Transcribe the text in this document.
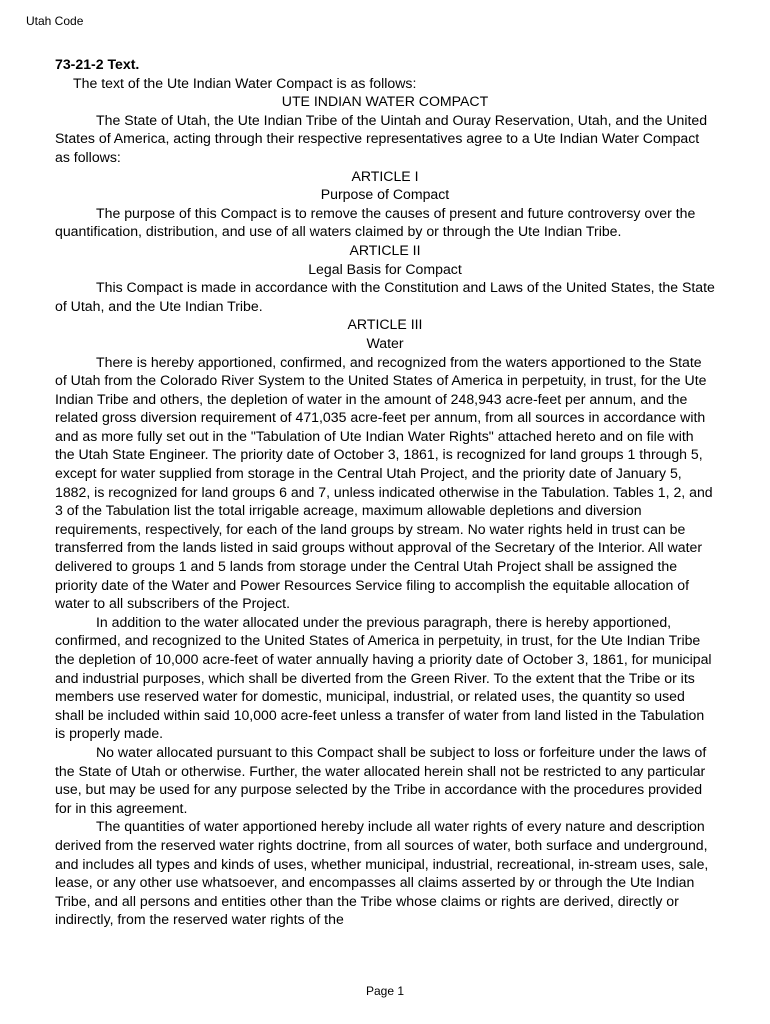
Utah Code

73-21-2 Text.

The text of the Ute Indian Water Compact is as follows:

UTE INDIAN WATER COMPACT

The State of Utah, the Ute Indian Tribe of the Uintah and Ouray Reservation, Utah, and the United States of America, acting through their respective representatives agree to a Ute Indian Water Compact as follows:

ARTICLE I

Purpose of Compact

The purpose of this Compact is to remove the causes of present and future controversy over the quantification, distribution, and use of all waters claimed by or through the Ute Indian Tribe.

ARTICLE II

Legal Basis for Compact

This Compact is made in accordance with the Constitution and Laws of the United States, the State of Utah, and the Ute Indian Tribe.

ARTICLE III

Water

There is hereby apportioned, confirmed, and recognized from the waters apportioned to the State of Utah from the Colorado River System to the United States of America in perpetuity, in trust, for the Ute Indian Tribe and others, the depletion of water in the amount of 248,943 acre-feet per annum, and the related gross diversion requirement of 471,035 acre-feet per annum, from all sources in accordance with and as more fully set out in the "Tabulation of Ute Indian Water Rights" attached hereto and on file with the Utah State Engineer. The priority date of October 3, 1861, is recognized for land groups 1 through 5, except for water supplied from storage in the Central Utah Project, and the priority date of January 5, 1882, is recognized for land groups 6 and 7, unless indicated otherwise in the Tabulation. Tables 1, 2, and 3 of the Tabulation list the total irrigable acreage, maximum allowable depletions and diversion requirements, respectively, for each of the land groups by stream. No water rights held in trust can be transferred from the lands listed in said groups without approval of the Secretary of the Interior. All water delivered to groups 1 and 5 lands from storage under the Central Utah Project shall be assigned the priority date of the Water and Power Resources Service filing to accomplish the equitable allocation of water to all subscribers of the Project.

In addition to the water allocated under the previous paragraph, there is hereby apportioned, confirmed, and recognized to the United States of America in perpetuity, in trust, for the Ute Indian Tribe the depletion of 10,000 acre-feet of water annually having a priority date of October 3, 1861, for municipal and industrial purposes, which shall be diverted from the Green River. To the extent that the Tribe or its members use reserved water for domestic, municipal, industrial, or related uses, the quantity so used shall be included within said 10,000 acre-feet unless a transfer of water from land listed in the Tabulation is properly made.

No water allocated pursuant to this Compact shall be subject to loss or forfeiture under the laws of the State of Utah or otherwise. Further, the water allocated herein shall not be restricted to any particular use, but may be used for any purpose selected by the Tribe in accordance with the procedures provided for in this agreement.

The quantities of water apportioned hereby include all water rights of every nature and description derived from the reserved water rights doctrine, from all sources of water, both surface and underground, and includes all types and kinds of uses, whether municipal, industrial, recreational, in-stream uses, sale, lease, or any other use whatsoever, and encompasses all claims asserted by or through the Ute Indian Tribe, and all persons and entities other than the Tribe whose claims or rights are derived, directly or indirectly, from the reserved water rights of the

Page 1
